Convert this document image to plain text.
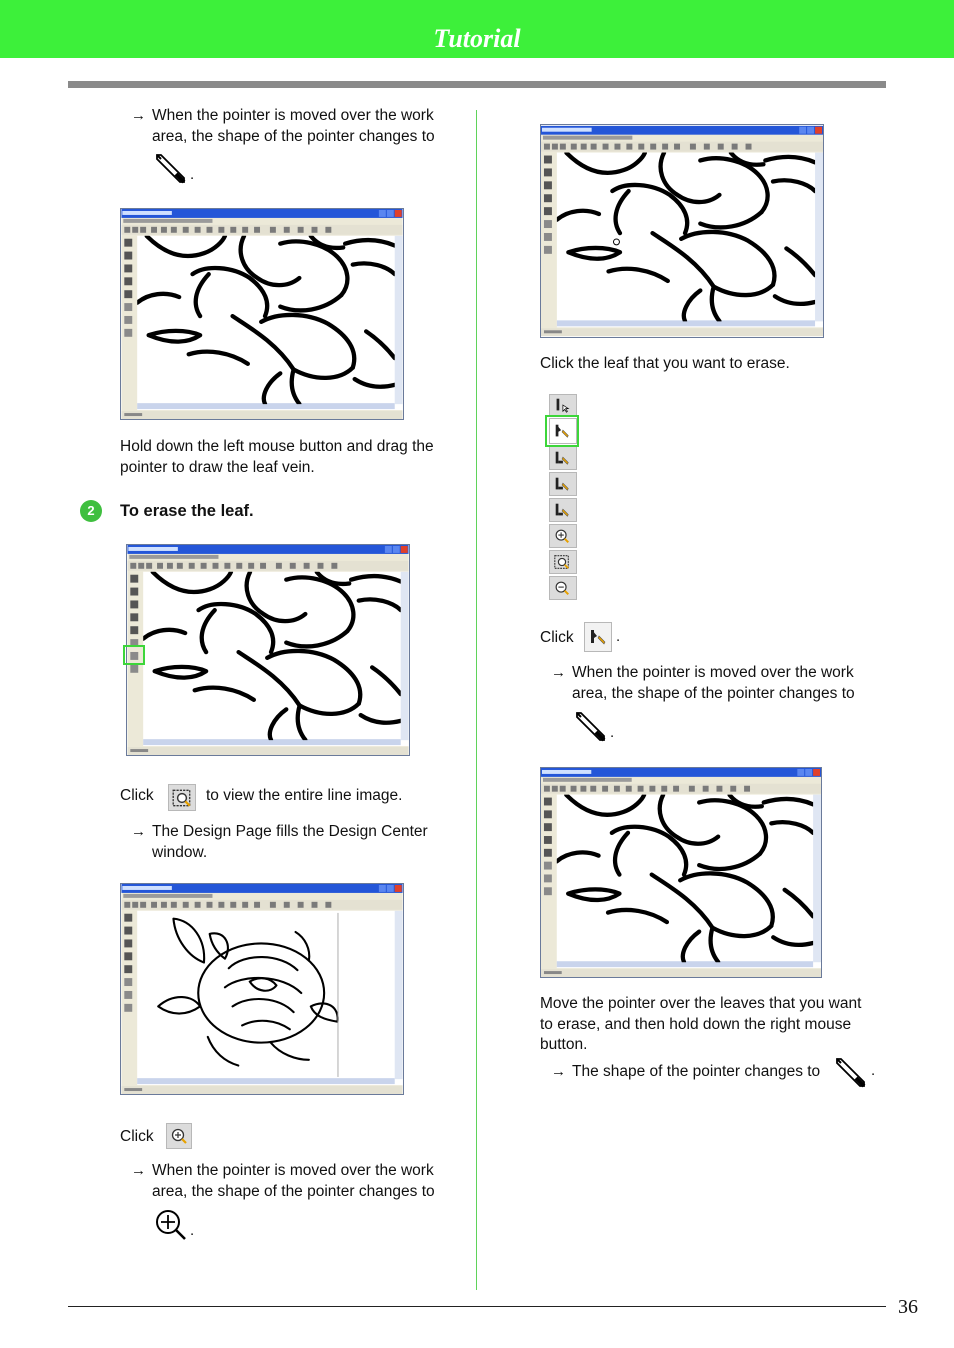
Tutorial
→ When the pointer is moved over the work
area, the shape of the pointer changes to
.
Hold down the left mouse button and drag the
pointer to draw the leaf vein.
2	To erase the leaf.
Click	to view the entire line image.
→ The Design Page fills the Design Center
window.
Click
→ When the pointer is moved over the work
area, the shape of the pointer changes to
.
Click the leaf that you want to erase.
Click	.
→ When the pointer is moved over the work
area, the shape of the pointer changes to
.
Move the pointer over the leaves that you want
to erase, and then hold down the right mouse
button.
→ The shape of the pointer changes to	.
36
